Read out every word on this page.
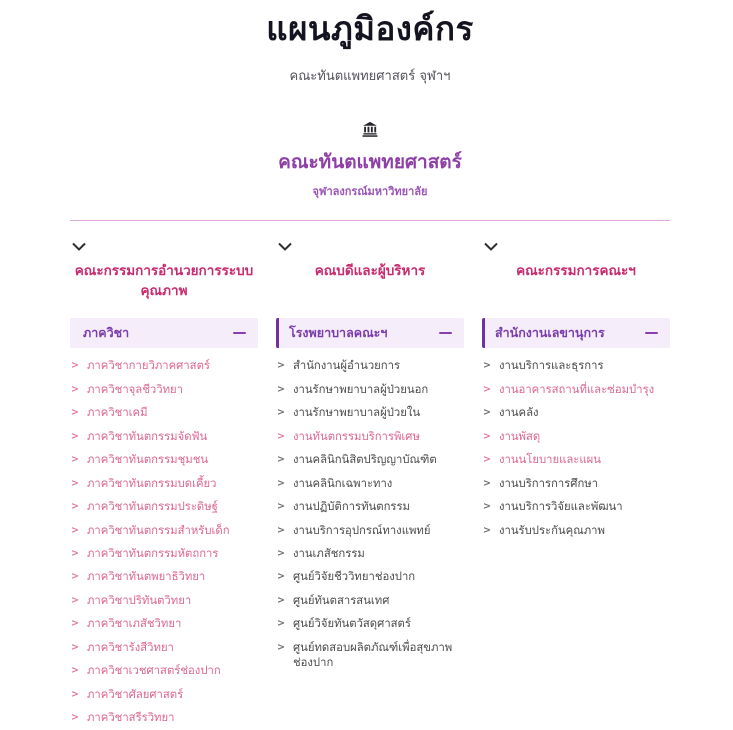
แผนภูมิองค์กร
คณะทันตแพทยศาสตร์ จุฬาฯ
คณะทันตแพทยศาสตร์
จุฬาลงกรณ์มหาวิทยาลัย
คณะกรรมการอำนวยการระบบคุณภาพ
ภาควิชา
> ภาควิชากายวิภาคศาสตร์
> ภาควิชาจุลชีววิทยา
> ภาควิชาเคมี
> ภาควิชาทันตกรรมจัดฟัน
> ภาควิชาทันตกรรมชุมชน
> ภาควิชาทันตกรรมบดเคี้ยว
> ภาควิชาทันตกรรมประดิษฐ์
> ภาควิชาทันตกรรมสำหรับเด็ก
> ภาควิชาทันตกรรมหัตถการ
> ภาควิชาทันตพยาธิวิทยา
> ภาควิชาปริทันตวิทยา
> ภาควิชาเภสัชวิทยา
> ภาควิชารังสีวิทยา
> ภาควิชาเวชศาสตร์ช่องปาก
> ภาควิชาศัลยศาสตร์
> ภาควิชาสรีรวิทยา
คณบดีและผู้บริหาร
โรงพยาบาลคณะฯ
> สำนักงานผู้อำนวยการ
> งานรักษาพยาบาลผู้ป่วยนอก
> งานรักษาพยาบาลผู้ป่วยใน
> งานทันตกรรมบริการพิเศษ
> งานคลินิกนิสิตปริญญาบัณฑิต
> งานคลินิกเฉพาะทาง
> งานปฏิบัติการทันตกรรม
> งานบริการอุปกรณ์ทางแพทย์
> งานเภสัชกรรม
> ศูนย์วิจัยชีววิทยาช่องปาก
> ศูนย์ทันตสารสนเทศ
> ศูนย์วิจัยทันตวัสดุศาสตร์
> ศูนย์ทดสอบผลิตภัณฑ์เพื่อสุขภาพช่องปาก
คณะกรรมการคณะฯ
สำนักงานเลขานุการ
> งานบริการและธุรการ
> งานอาคารสถานที่และซ่อมบำรุง
> งานคลัง
> งานพัสดุ
> งานนโยบายและแผน
> งานบริการการศึกษา
> งานบริการวิจัยและพัฒนา
> งานรับประกันคุณภาพ
